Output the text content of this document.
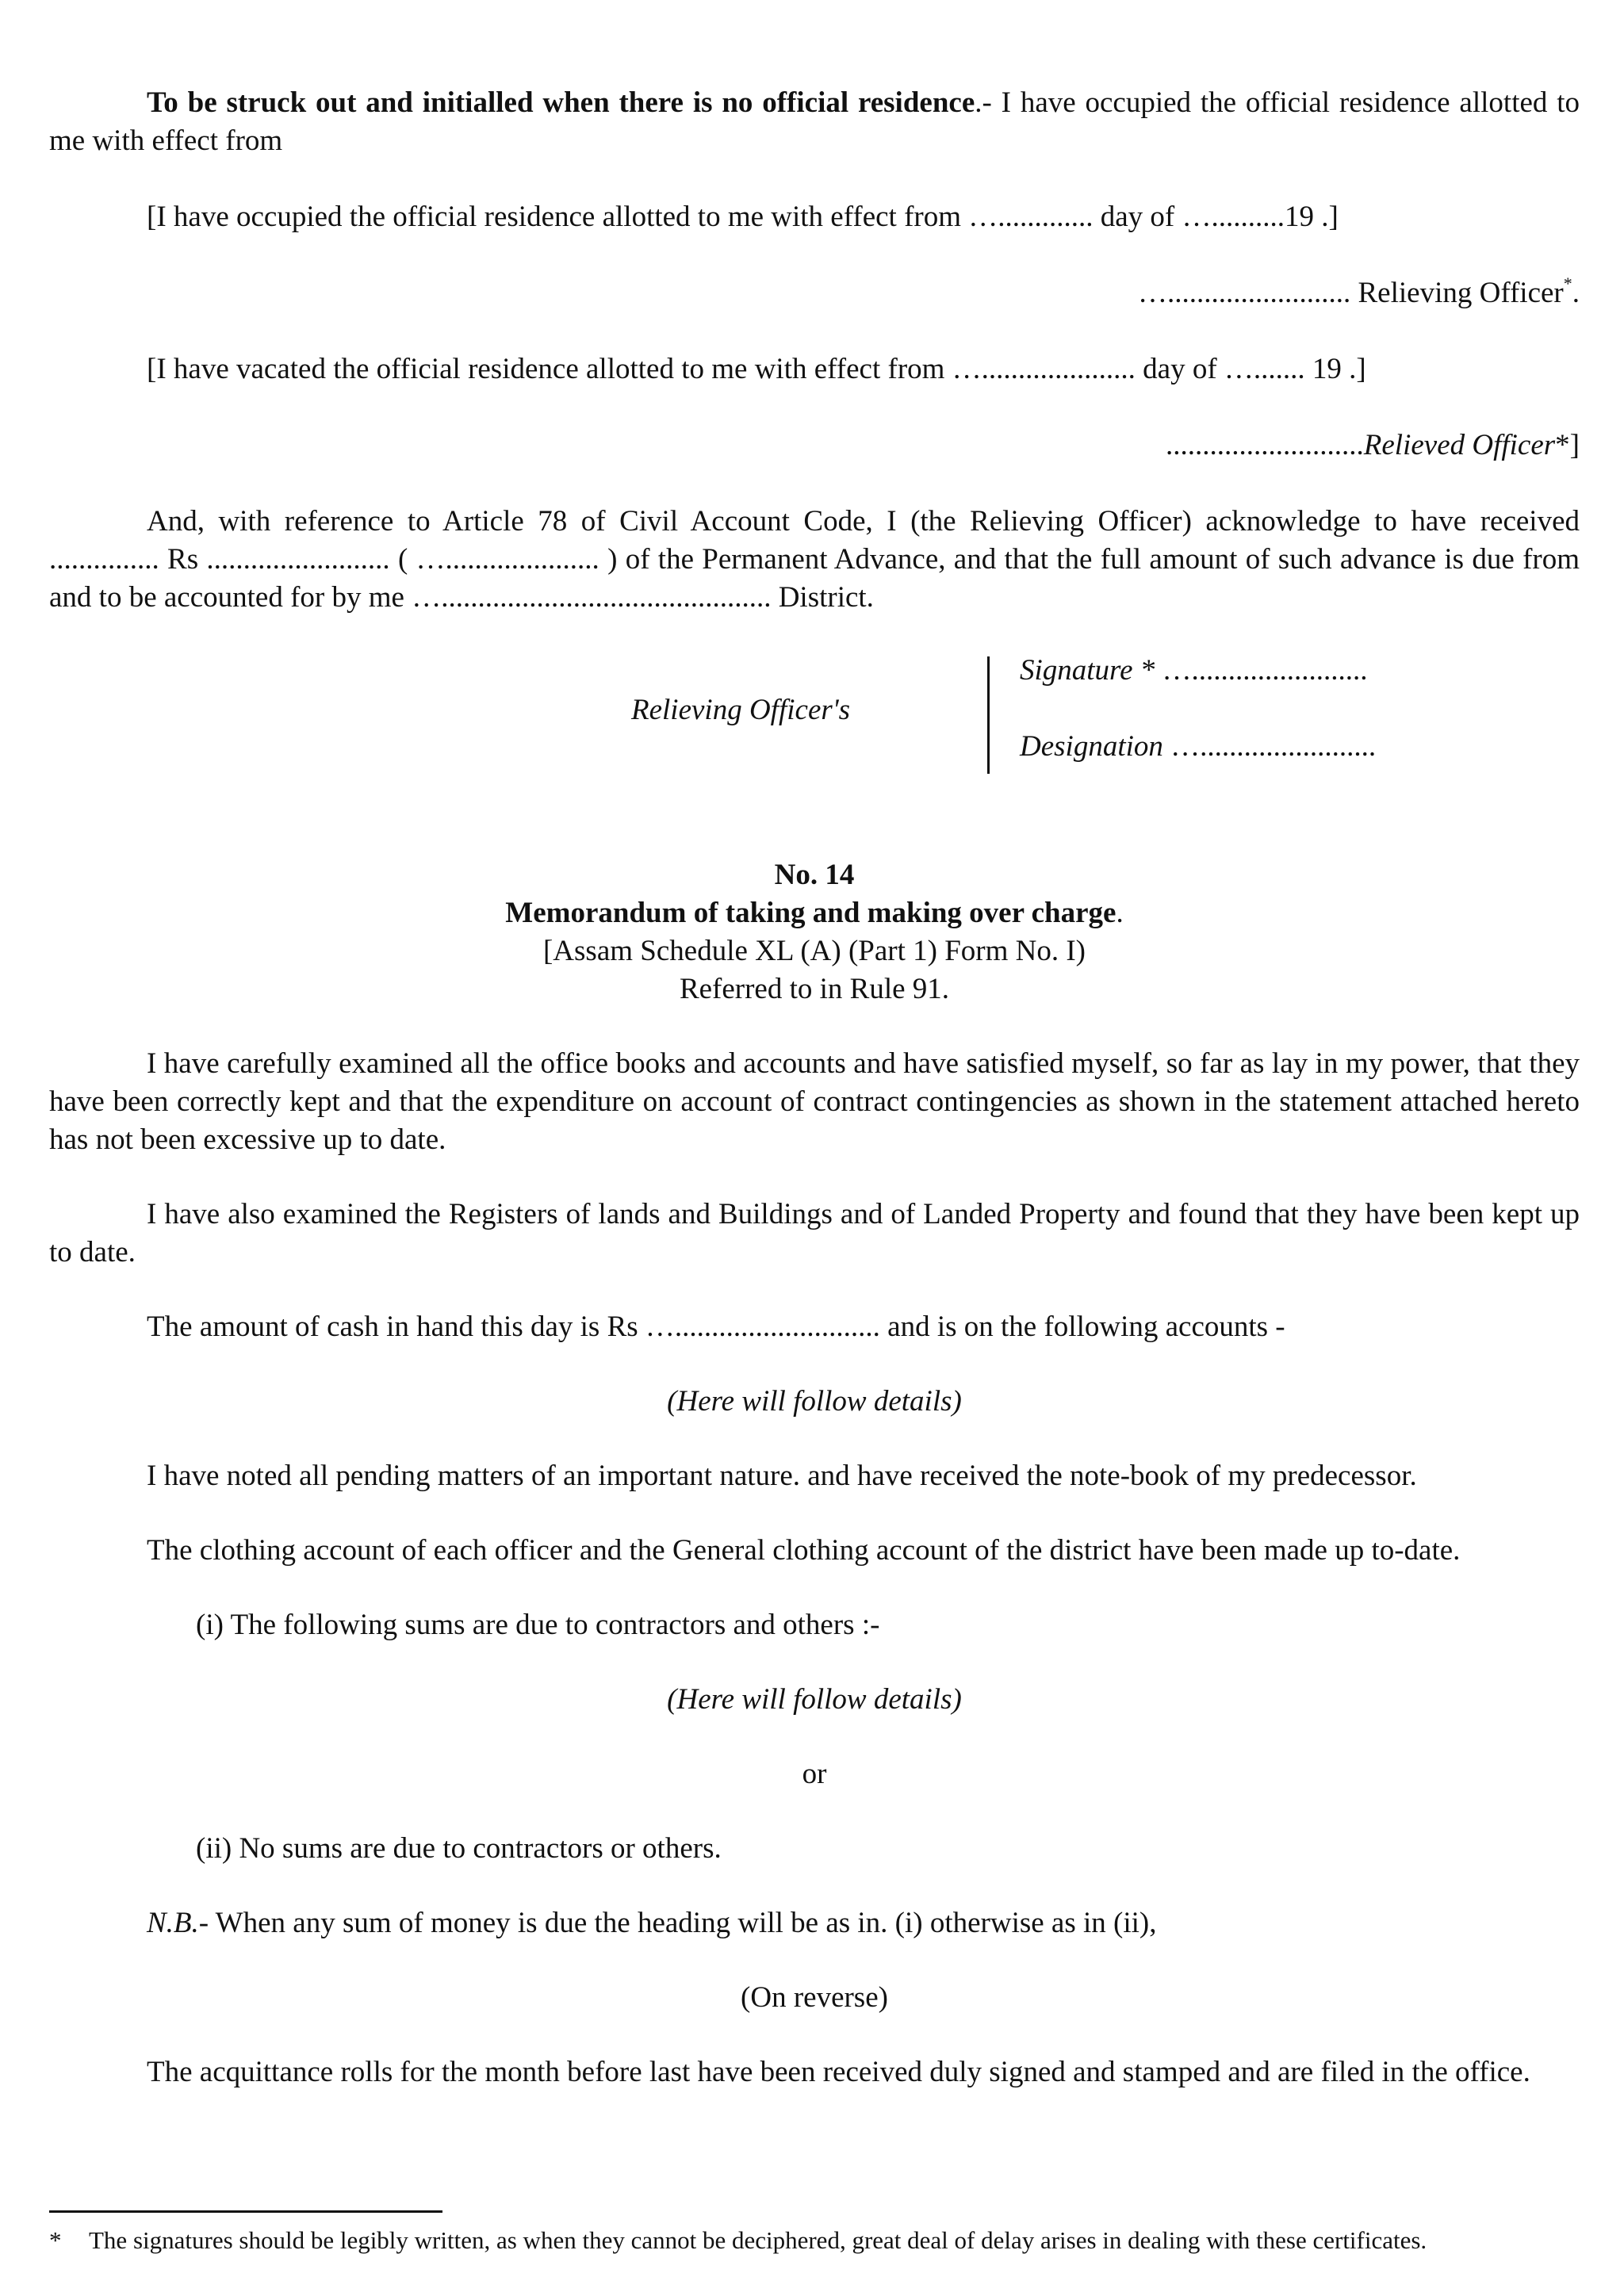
To be struck out and initialled when there is no official residence.- I have occupied the official residence allotted to me with effect from

[I have occupied the official residence allotted to me with effect from …............. day of …..........19 .]

…......................... Relieving Officer*.

[I have vacated the official residence allotted to me with effect from …..................... day of …....... 19 .]

...........................Relieved Officer*]

And, with reference to Article 78 of Civil Account Code, I (the Relieving Officer) acknowledge to have received ............... Rs ......................... ( …..................... ) of the Permanent Advance, and that the full amount of such advance is due from and to be accounted for by me …............................................. District.

Relieving Officer's
Signature * …........................
Designation …........................

No. 14

Memorandum of taking and making over charge.

[Assam Schedule XL (A) (Part 1) Form No. I)

Referred to in Rule 91.

I have carefully examined all the office books and accounts and have satisfied myself, so far as lay in my power, that they have been correctly kept and that the expenditure on account of contract contingencies as shown in the statement attached hereto has not been excessive up to date.

I have also examined the Registers of lands and Buildings and of Landed Property and found that they have been kept up to date.

The amount of cash in hand this day is Rs …............................ and is on the following accounts -

(Here will follow details)

I have noted all pending matters of an important nature. and have received the note-book of my predecessor.

The clothing account of each officer and the General clothing account of the district have been made up to-date.

(i) The following sums are due to contractors and others :-

(Here will follow details)

or

(ii) No sums are due to contractors or others.

N.B.- When any sum of money is due the heading will be as in. (i) otherwise as in (ii),

(On reverse)

The acquittance rolls for the month before last have been received duly signed and stamped and are filed in the office.

* The signatures should be legibly written, as when they cannot be deciphered, great deal of delay arises in dealing with these certificates.
